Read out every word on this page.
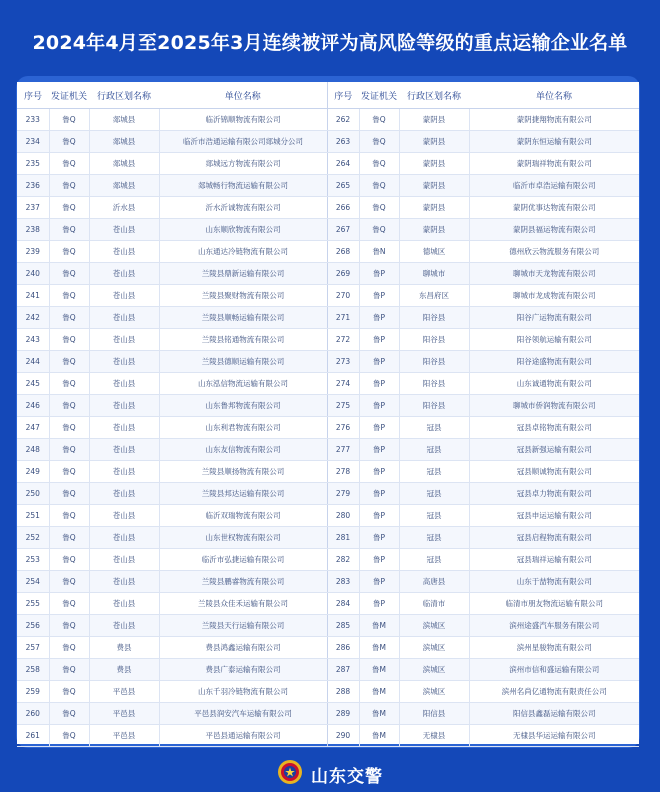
2024年4月至2025年3月连续被评为高风险等级的重点运输企业名单
序号	发证机关	行政区划名称	单位名称	序号	发证机关	行政区划名称	单位名称
233	鲁Q	郯城县	临沂锦顺物流有限公司	262	鲁Q	蒙阴县	蒙阴捷翔物流有限公司
234	鲁Q	郯城县	临沂市浩通运输有限公司郯城分公司	263	鲁Q	蒙阴县	蒙阴东恒运输有限公司
235	鲁Q	郯城县	郯城远方物流有限公司	264	鲁Q	蒙阴县	蒙阴瑞祥物流有限公司
236	鲁Q	郯城县	郯城畅行物流运输有限公司	265	鲁Q	蒙阴县	临沂市卓浩运输有限公司
237	鲁Q	沂水县	沂水沂诚物流有限公司	266	鲁Q	蒙阴县	蒙阴优事达物流有限公司
238	鲁Q	苍山县	山东顺欣物流有限公司	267	鲁Q	蒙阴县	蒙阴县福运物流有限公司
239	鲁Q	苍山县	山东通达冷链物流有限公司	268	鲁N	德城区	德州欣云物流服务有限公司
240	鲁Q	苍山县	兰陵县鼎新运输有限公司	269	鲁P	聊城市	聊城市天龙物流有限公司
241	鲁Q	苍山县	兰陵县聚财物流有限公司	270	鲁P	东昌府区	聊城市龙成物流有限公司
242	鲁Q	苍山县	兰陵县顺畅运输有限公司	271	鲁P	阳谷县	阳谷广运物流有限公司
243	鲁Q	苍山县	兰陵县铭通物流有限公司	272	鲁P	阳谷县	阳谷领航运输有限公司
244	鲁Q	苍山县	兰陵县德顺运输有限公司	273	鲁P	阳谷县	阳谷途盛物流有限公司
245	鲁Q	苍山县	山东泓信物流运输有限公司	274	鲁P	阳谷县	山东诚通物流有限公司
246	鲁Q	苍山县	山东鲁邦物流有限公司	275	鲁P	阳谷县	聊城市侨润物流有限公司
247	鲁Q	苍山县	山东利君物流有限公司	276	鲁P	冠县	冠县卓铭物流有限公司
248	鲁Q	苍山县	山东友信物流有限公司	277	鲁P	冠县	冠县新强运输有限公司
249	鲁Q	苍山县	兰陵县顺扬物流有限公司	278	鲁P	冠县	冠县顺诚物流有限公司
250	鲁Q	苍山县	兰陵县邦达运输有限公司	279	鲁P	冠县	冠县卓力物流有限公司
251	鲁Q	苍山县	临沂双瑞物流有限公司	280	鲁P	冠县	冠县申运运输有限公司
252	鲁Q	苍山县	山东世权物流有限公司	281	鲁P	冠县	冠县启程物流有限公司
253	鲁Q	苍山县	临沂市弘捷运输有限公司	282	鲁P	冠县	冠县瑞祥运输有限公司
254	鲁Q	苍山县	兰陵县鹏睿物流有限公司	283	鲁P	高唐县	山东于喆物流有限公司
255	鲁Q	苍山县	兰陵县众佳禾运输有限公司	284	鲁P	临清市	临清市朋友物流运输有限公司
256	鲁Q	苍山县	兰陵县天行运输有限公司	285	鲁M	滨城区	滨州途盛汽车服务有限公司
257	鲁Q	费县	费县鸿鑫运输有限公司	286	鲁M	滨城区	滨州星骏物流有限公司
258	鲁Q	费县	费县广泰运输有限公司	287	鲁M	滨城区	滨州市信和盛运输有限公司
259	鲁Q	平邑县	山东千羽冷链物流有限公司	288	鲁M	滨城区	滨州名尚亿通物流有限责任公司
260	鲁Q	平邑县	平邑县润安汽车运输有限公司	289	鲁M	阳信县	阳信县鑫磊运输有限公司
261	鲁Q	平邑县	平邑县通运输有限公司	290	鲁M	无棣县	无棣县华运运输有限公司
山东交警
